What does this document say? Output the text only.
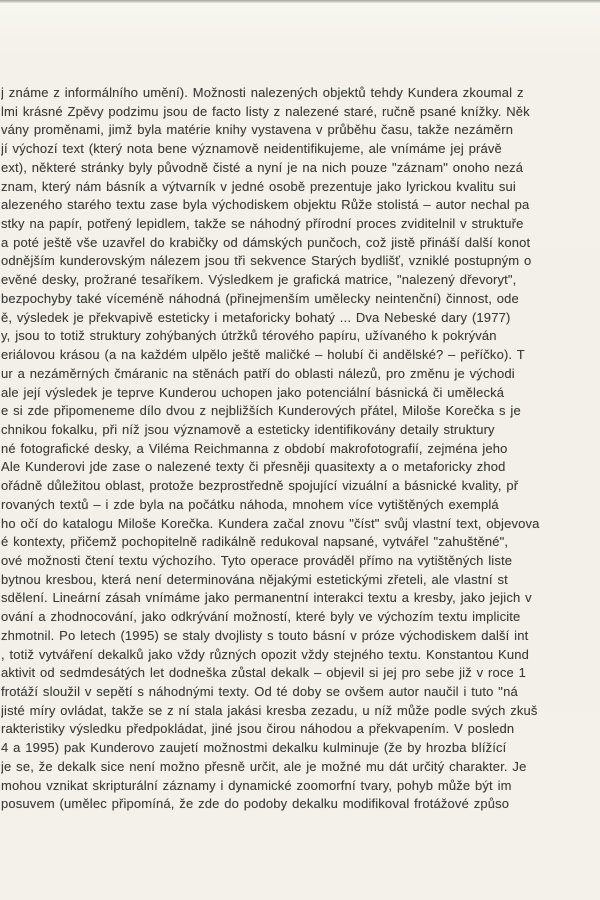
j známe z informálního umění). Možnosti nalezených objektů tehdy Kundera zkoumal z
lmi krásné Zpěvy podzimu jsou de facto listy z nalezené staré, ručně psané knížky. Něk
vány proměnami, jimž byla matérie knihy vystavena v průběhu času, takže nezáměrn
jí výchozí text (který nota bene významově neidentifikujeme, ale vnímáme jej právě
ext), některé stránky byly původně čisté a nyní je na nich pouze "záznam" onoho nezá
znam, který nám básník a výtvarník v jedné osobě prezentuje jako lyrickou kvalitu sui
alezeného starého textu zase byla východiskem objektu Růže stolistá – autor nechal pa
stky na papír, potřený lepidlem, takže se náhodný přírodní proces zviditelnil v struktuře
a poté ještě vše uzavřel do krabičky od dámských punčoch, což jistě přináší další konot
odnějším kunderovským nálezem jsou tři sekvence Starých bydlišť, vzniklé postupným o
evěné desky, prožrané tesaříkem. Výsledkem je grafická matrice, "nalezený dřevoryt",
bezpochyby také víceméně náhodná (přinejmenším umělecky neintenční) činnost, ode
ě, výsledek je překvapivě esteticky i metaforicky bohatý ... Dva Nebeské dary (1977)
y, jsou to totiž struktury zohýbaných útržků térového papíru, užívaného k pokrýván
eriálovou krásou (a na každém ulpělo ještě maličké – holubí či andělské? – peříčko). T
ur a nezáměrných čmáranic na stěnách patří do oblasti nálezů, pro změnu je východi
ale její výsledek je teprve Kunderou uchopen jako potenciální básnická či umělecká
e si zde připomeneme dílo dvou z nejbližších Kunderových přátel, Miloše Korečka s je
chnikou fokalku, při níž jsou významově a esteticky identifikovány detaily struktury
né fotografické desky, a Viléma Reichmanna z období makrofotografií, zejména jeho
Ale Kunderovi jde zase o nalezené texty či přesněji quasitexty a o metaforicky zhod
ořádně důležitou oblast, protože bezprostředně spojující vizuální a básnické kvality, př
rovaných textů – i zde byla na počátku náhoda, mnohem více vytištěných exemplá
ho očí do katalogu Miloše Korečka. Kundera začal znovu "číst" svůj vlastní text, objevova
é kontexty, přičemž pochopitelně radikálně redukoval napsané, vytvářel "zahuštěné",
ové možnosti čtení textu výchozího. Tyto operace prováděl přímo na vytištěných liste
bytnou kresbou, která není determinována nějakými estetickými zřeteli, ale vlastní st
sdělení. Lineární zásah vnímáme jako permanentní interakci textu a kresby, jako jejich v
ování a zhodnocování, jako odkrývání možností, které byly ve výchozím textu implicite
zhmotnil. Po letech (1995) se staly dvojlisty s touto básní v próze východiskem další int
, totiž vytváření dekalků jako vždy různých opozit vždy stejného textu. Konstantou Kund
aktivit od sedmdesátých let dodneška zůstal dekalk – objevil si jej pro sebe již v roce 1
frotáží sloužil v sepětí s náhodnými texty. Od té doby se ovšem autor naučil i tuto "ná
jisté míry ovládat, takže se z ní stala jakási kresba zezadu, u níž může podle svých zkuš
rakteristiky výsledku předpokládat, jiné jsou čirou náhodou a překvapením. V posledn
4 a 1995) pak Kunderovo zaujetí možnostmi dekalku kulminuje (že by hrozba blížící
je se, že dekalk sice není možno přesně určit, ale je možné mu dát určitý charakter. Je
mohou vznikat skripturální záznamy i dynamické zoomorfní tvary, pohyb může být im
posuvem (umělec připomíná, že zde do podoby dekalku modifikoval frotážové způso
